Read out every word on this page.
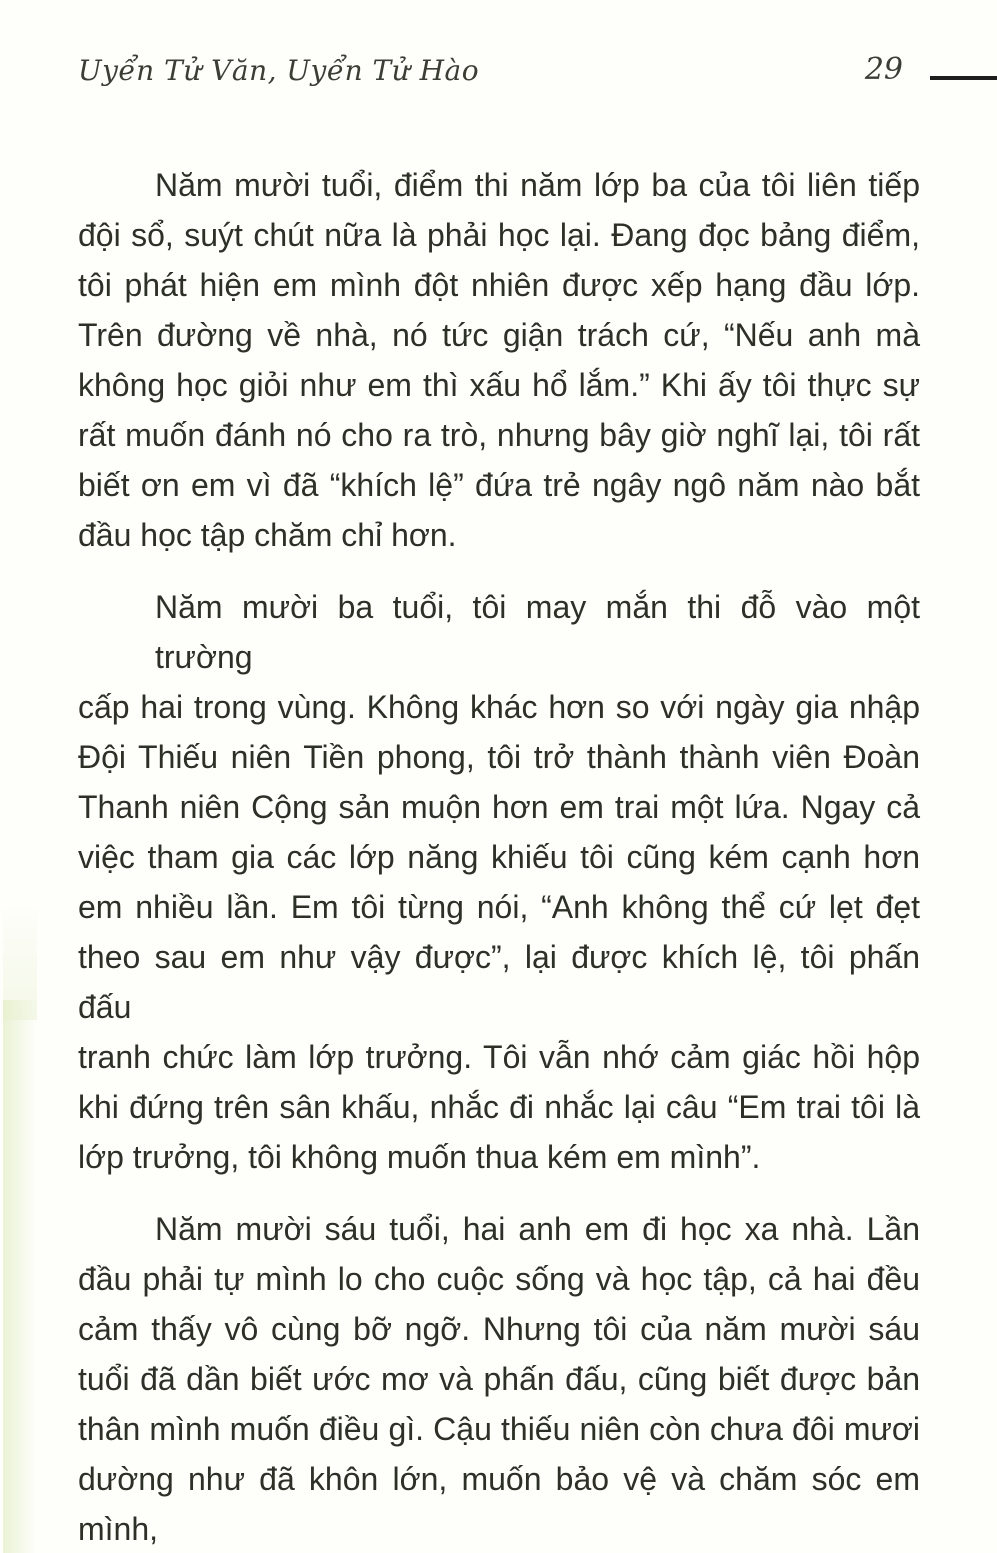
Uyển Tử Văn, Uyển Tử Hào	29
Năm mười tuổi, điểm thi năm lớp ba của tôi liên tiếp
đội sổ, suýt chút nữa là phải học lại. Đang đọc bảng điểm,
tôi phát hiện em mình đột nhiên được xếp hạng đầu lớp.
Trên đường về nhà, nó tức giận trách cứ, “Nếu anh mà
không học giỏi như em thì xấu hổ lắm.” Khi ấy tôi thực sự
rất muốn đánh nó cho ra trò, nhưng bây giờ nghĩ lại, tôi rất
biết ơn em vì đã “khích lệ” đứa trẻ ngây ngô năm nào bắt
đầu học tập chăm chỉ hơn.
Năm mười ba tuổi, tôi may mắn thi đỗ vào một trường
cấp hai trong vùng. Không khác hơn so với ngày gia nhập
Đội Thiếu niên Tiền phong, tôi trở thành thành viên Đoàn
Thanh niên Cộng sản muộn hơn em trai một lứa. Ngay cả
việc tham gia các lớp năng khiếu tôi cũng kém cạnh hơn
em nhiều lần. Em tôi từng nói, “Anh không thể cứ lẹt đẹt
theo sau em như vậy được”, lại được khích lệ, tôi phấn đấu
tranh chức làm lớp trưởng. Tôi vẫn nhớ cảm giác hồi hộp
khi đứng trên sân khấu, nhắc đi nhắc lại câu “Em trai tôi là
lớp trưởng, tôi không muốn thua kém em mình”.
Năm mười sáu tuổi, hai anh em đi học xa nhà. Lần
đầu phải tự mình lo cho cuộc sống và học tập, cả hai đều
cảm thấy vô cùng bỡ ngỡ. Nhưng tôi của năm mười sáu
tuổi đã dần biết ước mơ và phấn đấu, cũng biết được bản
thân mình muốn điều gì. Cậu thiếu niên còn chưa đôi mươi
dường như đã khôn lớn, muốn bảo vệ và chăm sóc em mình,
